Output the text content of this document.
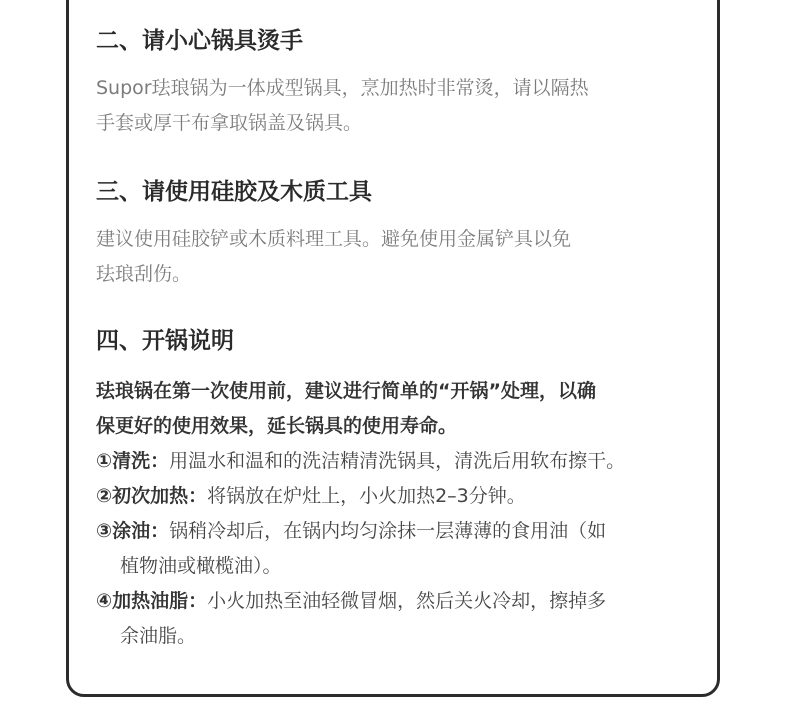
二、请小心锅具烫手
Supor珐琅锅为一体成型锅具，烹加热时非常烫，请以隔热
手套或厚干布拿取锅盖及锅具。
三、请使用硅胶及木质工具
建议使用硅胶铲或木质料理工具。避免使用金属铲具以免
珐琅刮伤。
四、开锅说明
珐琅锅在第一次使用前，建议进行简单的“开锅”处理，以确
保更好的使用效果，延长锅具的使用寿命。
①清洗：用温水和温和的洗洁精清洗锅具，清洗后用软布擦干。
②初次加热：将锅放在炉灶上，小火加热2–3分钟。
③涂油：锅稍冷却后，在锅内均匀涂抹一层薄薄的食用油（如
植物油或橄榄油）。
④加热油脂：小火加热至油轻微冒烟，然后关火冷却，擦掉多
余油脂。
